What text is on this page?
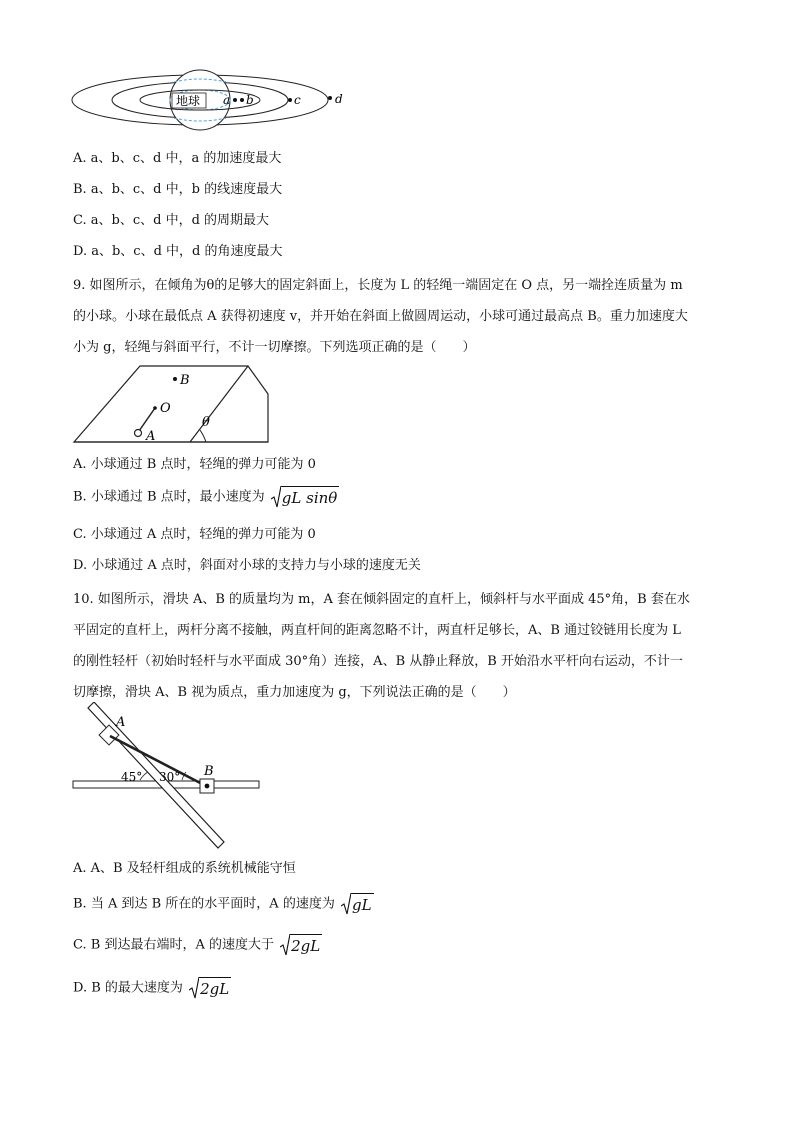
地球 a b	c	d
A. a、b、c、d 中，a 的加速度最大
B. a、b、c、d 中，b 的线速度最大
C. a、b、c、d 中，d 的周期最大
D. a、b、c、d 中，d 的角速度最大
9. 如图所示，在倾角为θ的足够大的固定斜面上，长度为 L 的轻绳一端固定在 O 点，另一端拴连质量为 m
的小球。小球在最低点 A 获得初速度 v，并开始在斜面上做圆周运动，小球可通过最高点 B。重力加速度大
小为 g，轻绳与斜面平行，不计一切摩擦。下列选项正确的是（　　）
B
O
A
θ
A. 小球通过 B 点时，轻绳的弹力可能为 0
B. 小球通过 B 点时，最小速度为 gL sinθ
C. 小球通过 A 点时，轻绳的弹力可能为 0
D. 小球通过 A 点时，斜面对小球的支持力与小球的速度无关
10. 如图所示，滑块 A、B 的质量均为 m，A 套在倾斜固定的直杆上，倾斜杆与水平面成 45°角，B 套在水
平固定的直杆上，两杆分离不接触，两直杆间的距离忽略不计，两直杆足够长，A、B 通过铰链用长度为 L
的刚性轻杆（初始时轻杆与水平面成 30°角）连接，A、B 从静止释放，B 开始沿水平杆向右运动，不计一
切摩擦，滑块 A、B 视为质点，重力加速度为 g，下列说法正确的是（　　）
A
B
45° 30°
A. A、B 及轻杆组成的系统机械能守恒
B. 当 A 到达 B 所在的水平面时，A 的速度为 gL
C. B 到达最右端时，A 的速度大于 2gL
D. B 的最大速度为 2gL
